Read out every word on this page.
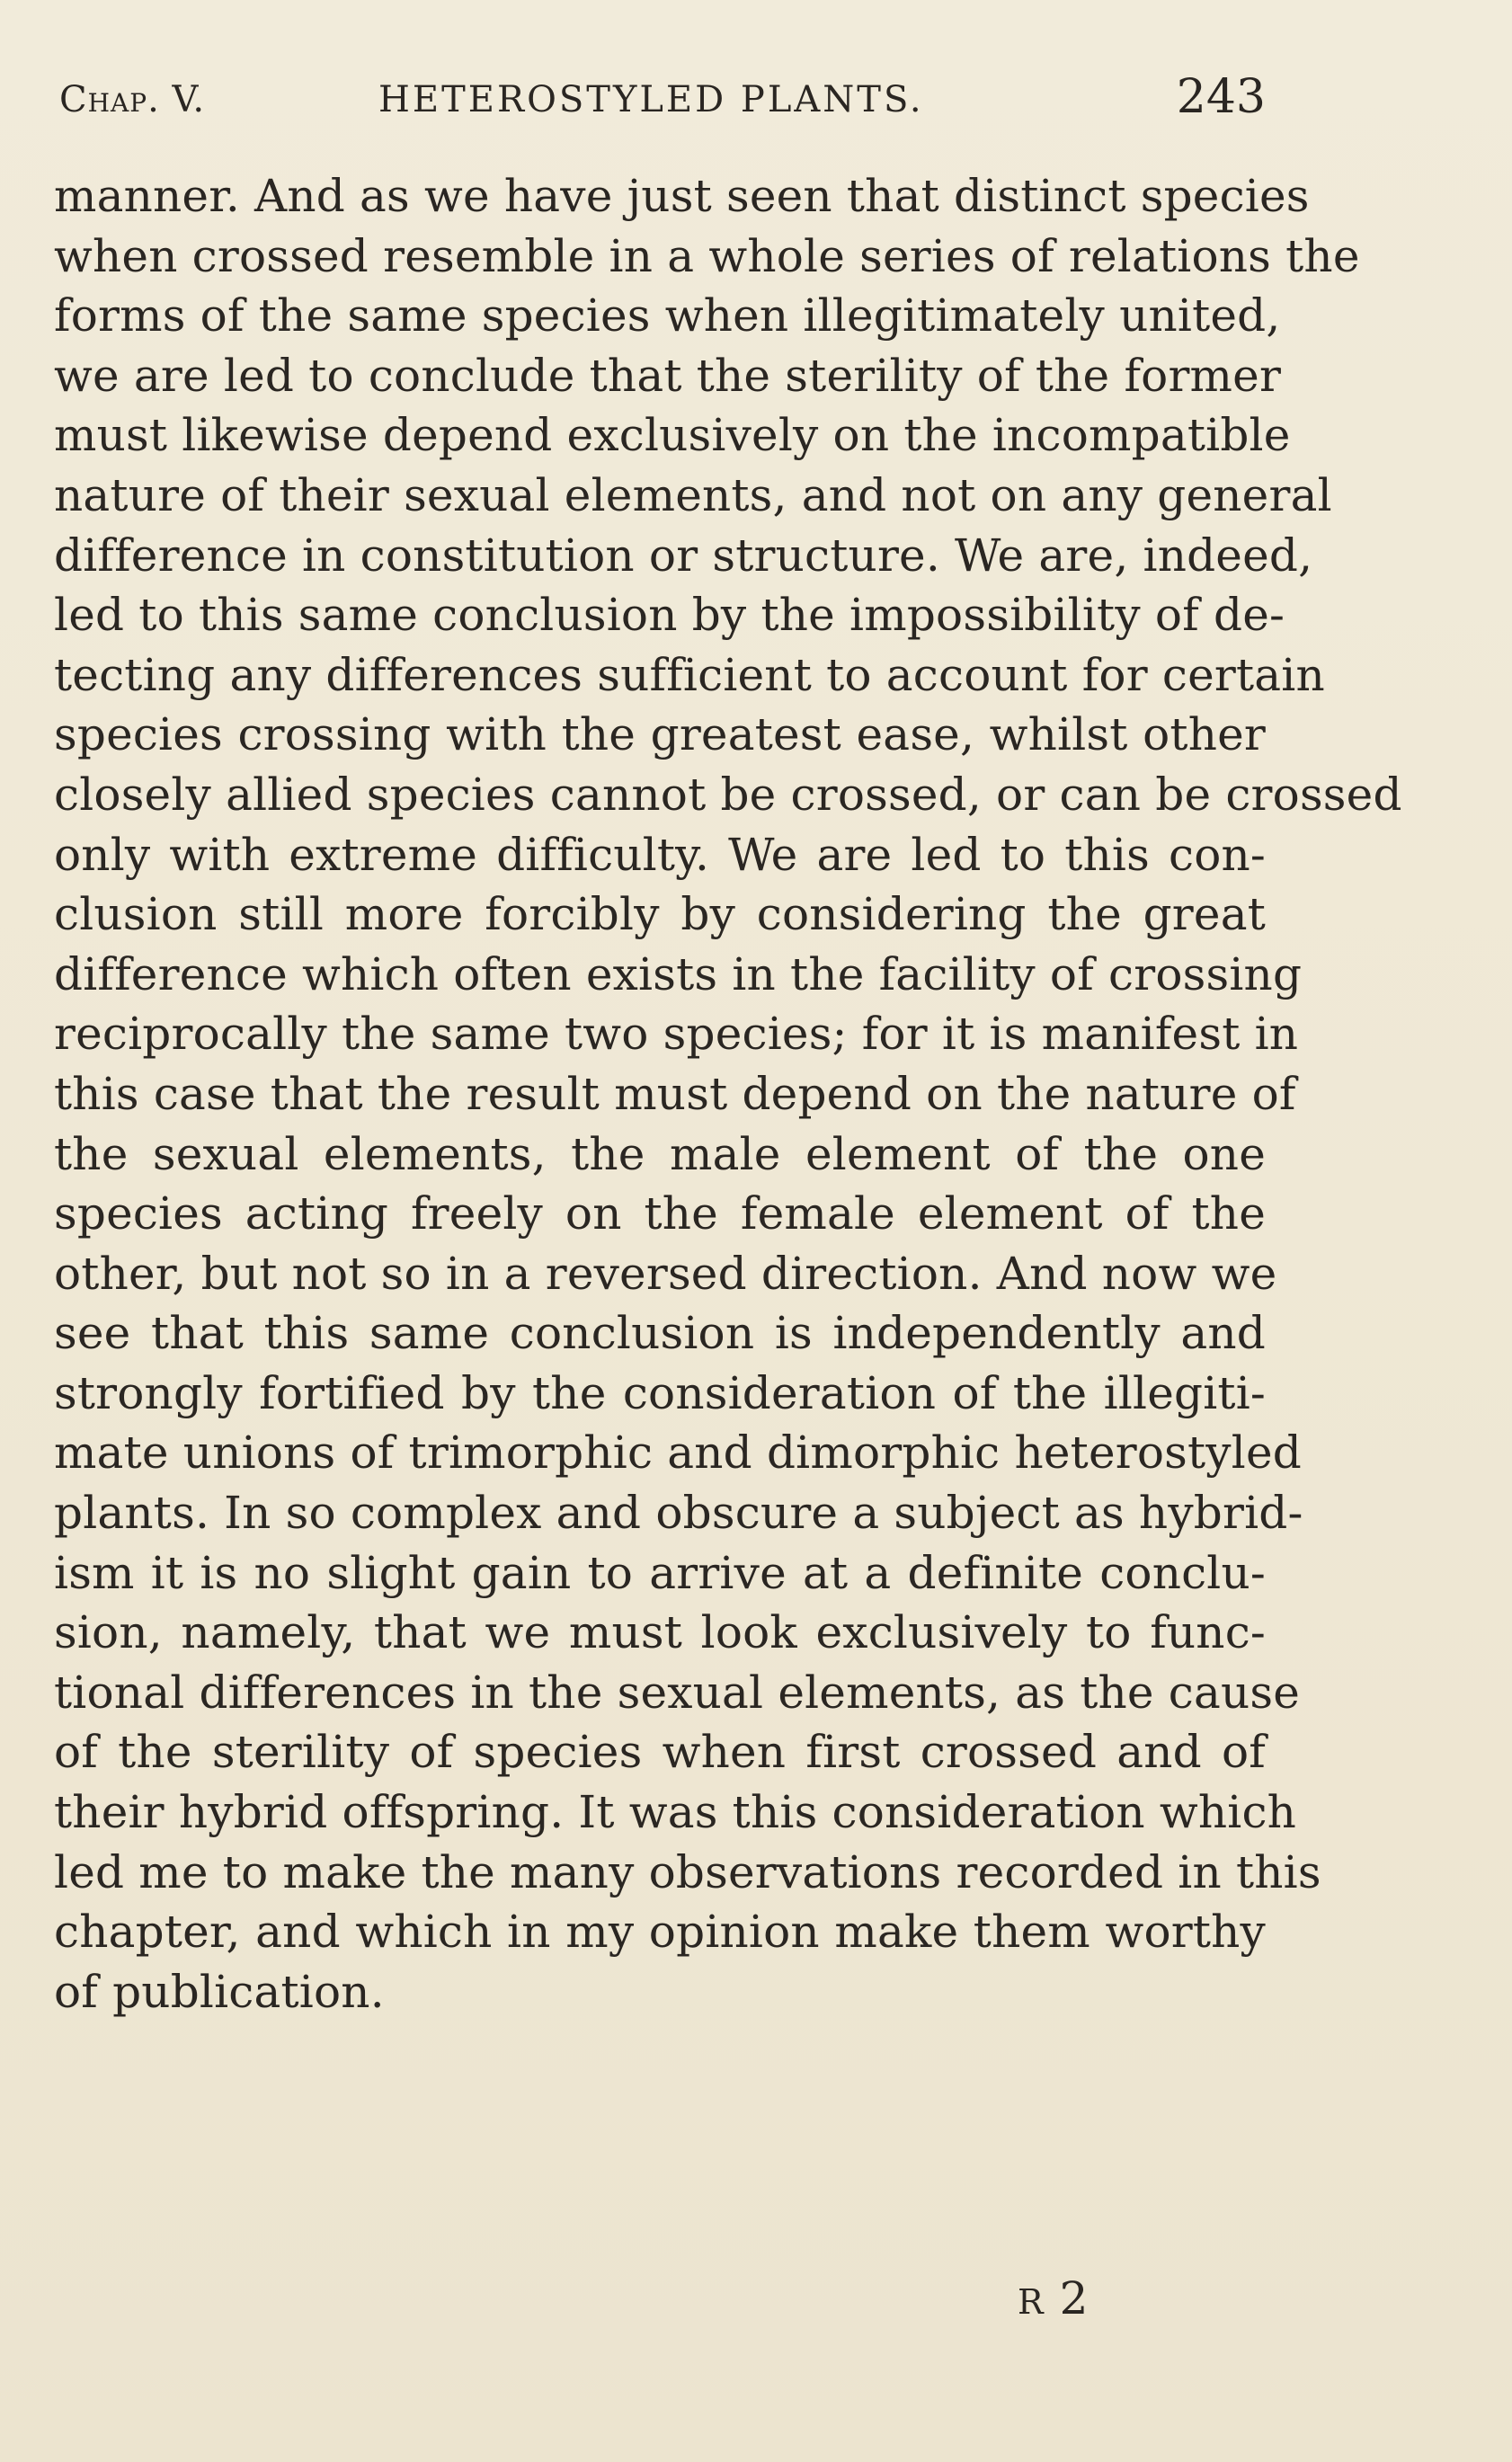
Chap. V.	HETEROSTYLED PLANTS.	243
manner. And as we have just seen that distinct species
when crossed resemble in a whole series of relations the
forms of the same species when illegitimately united,
we are led to conclude that the sterility of the former
must likewise depend exclusively on the incompatible
nature of their sexual elements, and not on any general
difference in constitution or structure. We are, indeed,
led to this same conclusion by the impossibility of de-
tecting any differences sufficient to account for certain
species crossing with the greatest ease, whilst other
closely allied species cannot be crossed, or can be crossed
only with extreme difficulty. We are led to this con-
clusion still more forcibly by considering the great
difference which often exists in the facility of crossing
reciprocally the same two species; for it is manifest in
this case that the result must depend on the nature of
the sexual elements, the male element of the one
species acting freely on the female element of the
other, but not so in a reversed direction. And now we
see that this same conclusion is independently and
strongly fortified by the consideration of the illegiti-
mate unions of trimorphic and dimorphic heterostyled
plants. In so complex and obscure a subject as hybrid-
ism it is no slight gain to arrive at a definite conclu-
sion, namely, that we must look exclusively to func-
tional differences in the sexual elements, as the cause
of the sterility of species when first crossed and of
their hybrid offspring. It was this consideration which
led me to make the many observations recorded in this
chapter, and which in my opinion make them worthy
of publication.
R2
